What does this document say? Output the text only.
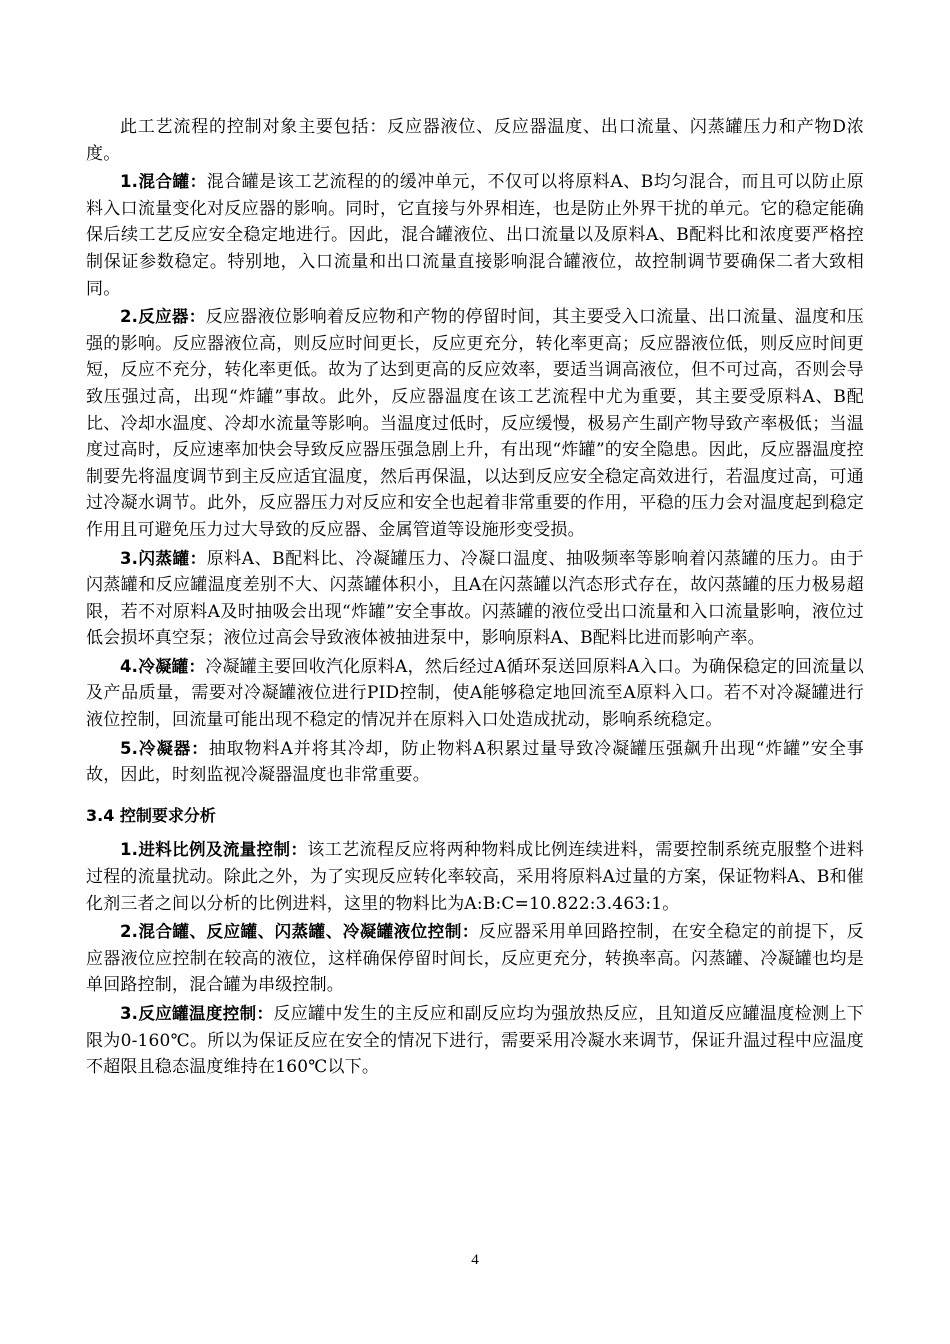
此工艺流程的控制对象主要包括：反应器液位、反应器温度、出口流量、闪蒸罐压力和产物D浓度。

1.混合罐：混合罐是该工艺流程的的缓冲单元，不仅可以将原料A、B均匀混合，而且可以防止原料入口流量变化对反应器的影响。同时，它直接与外界相连，也是防止外界干扰的单元。它的稳定能确保后续工艺反应安全稳定地进行。因此，混合罐液位、出口流量以及原料A、B配料比和浓度要严格控制保证参数稳定。特别地，入口流量和出口流量直接影响混合罐液位，故控制调节要确保二者大致相同。

2.反应器：反应器液位影响着反应物和产物的停留时间，其主要受入口流量、出口流量、温度和压强的影响。反应器液位高，则反应时间更长，反应更充分，转化率更高；反应器液位低，则反应时间更短，反应不充分，转化率更低。故为了达到更高的反应效率，要适当调高液位，但不可过高，否则会导致压强过高，出现“炸罐”事故。此外，反应器温度在该工艺流程中尤为重要，其主要受原料A、B配比、冷却水温度、冷却水流量等影响。当温度过低时，反应缓慢，极易产生副产物导致产率极低；当温度过高时，反应速率加快会导致反应器压强急剧上升，有出现“炸罐”的安全隐患。因此，反应器温度控制要先将温度调节到主反应适宜温度，然后再保温，以达到反应安全稳定高效进行，若温度过高，可通过冷凝水调节。此外，反应器压力对反应和安全也起着非常重要的作用，平稳的压力会对温度起到稳定作用且可避免压力过大导致的反应器、金属管道等设施形变受损。

3.闪蒸罐：原料A、B配料比、冷凝罐压力、冷凝口温度、抽吸频率等影响着闪蒸罐的压力。由于闪蒸罐和反应罐温度差别不大、闪蒸罐体积小，且A在闪蒸罐以汽态形式存在，故闪蒸罐的压力极易超限，若不对原料A及时抽吸会出现“炸罐”安全事故。闪蒸罐的液位受出口流量和入口流量影响，液位过低会损坏真空泵；液位过高会导致液体被抽进泵中，影响原料A、B配料比进而影响产率。

4.冷凝罐：冷凝罐主要回收汽化原料A，然后经过A循环泵送回原料A入口。为确保稳定的回流量以及产品质量，需要对冷凝罐液位进行PID控制，使A能够稳定地回流至A原料入口。若不对冷凝罐进行液位控制，回流量可能出现不稳定的情况并在原料入口处造成扰动，影响系统稳定。

5.冷凝器：抽取物料A并将其冷却，防止物料A积累过量导致冷凝罐压强飙升出现“炸罐”安全事故，因此，时刻监视冷凝器温度也非常重要。

3.4 控制要求分析

1.进料比例及流量控制：该工艺流程反应将两种物料成比例连续进料，需要控制系统克服整个进料过程的流量扰动。除此之外，为了实现反应转化率较高，采用将原料A过量的方案，保证物料A、B和催化剂三者之间以分析的比例进料，这里的物料比为A:B:C=10.822:3.463:1。

2.混合罐、反应罐、闪蒸罐、冷凝罐液位控制：反应器采用单回路控制，在安全稳定的前提下，反应器液位应控制在较高的液位，这样确保停留时间长，反应更充分，转换率高。闪蒸罐、冷凝罐也均是单回路控制，混合罐为串级控制。

3.反应罐温度控制：反应罐中发生的主反应和副反应均为强放热反应，且知道反应罐温度检测上下限为0-160℃。所以为保证反应在安全的情况下进行，需要采用冷凝水来调节，保证升温过程中应温度不超限且稳态温度维持在160℃以下。

4
